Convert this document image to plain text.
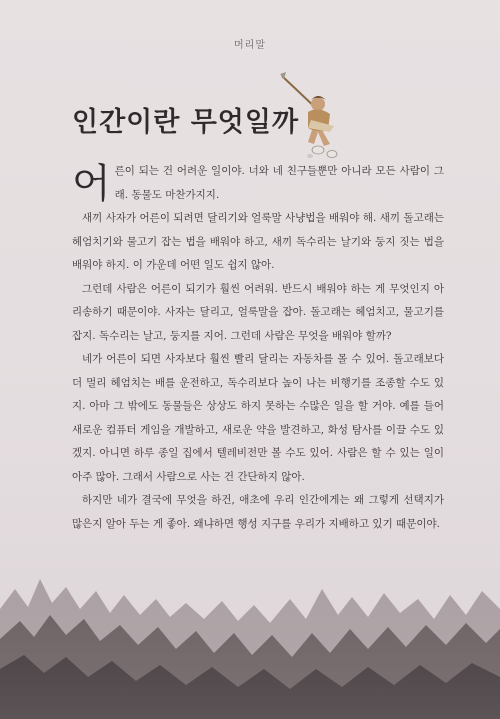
머리말
인간이란 무엇일까

어른이 되는 건 어려운 일이야. 너와 네 친구들뿐만 아니라 모든 사람이 그래. 동물도 마찬가지지.

새끼 사자가 어른이 되려면 달리기와 얼룩말 사냥법을 배워야 해. 새끼 돌고래는 헤엄치기와 물고기 잡는 법을 배워야 하고, 새끼 독수리는 날기와 둥지 짓는 법을 배워야 하지. 이 가운데 어떤 일도 쉽지 않아.

그런데 사람은 어른이 되기가 훨씬 어려워. 반드시 배워야 하는 게 무엇인지 아리송하기 때문이야. 사자는 달리고, 얼룩말을 잡아. 돌고래는 헤엄치고, 물고기를 잡지. 독수리는 날고, 둥지를 지어. 그런데 사람은 무엇을 배워야 할까?

네가 어른이 되면 사자보다 훨씬 빨리 달리는 자동차를 몰 수 있어. 돌고래보다 더 멀리 헤엄치는 배를 운전하고, 독수리보다 높이 나는 비행기를 조종할 수도 있지. 아마 그 밖에도 동물들은 상상도 하지 못하는 수많은 일을 할 거야. 예를 들어 새로운 컴퓨터 게임을 개발하고, 새로운 약을 발견하고, 화성 탐사를 이끌 수도 있겠지. 아니면 하루 종일 집에서 텔레비전만 볼 수도 있어. 사람은 할 수 있는 일이 아주 많아. 그래서 사람으로 사는 건 간단하지 않아.

하지만 네가 결국에 무엇을 하건, 애초에 우리 인간에게는 왜 그렇게 선택지가 많은지 알아 두는 게 좋아. 왜냐하면 행성 지구를 우리가 지배하고 있기 때문이야.
